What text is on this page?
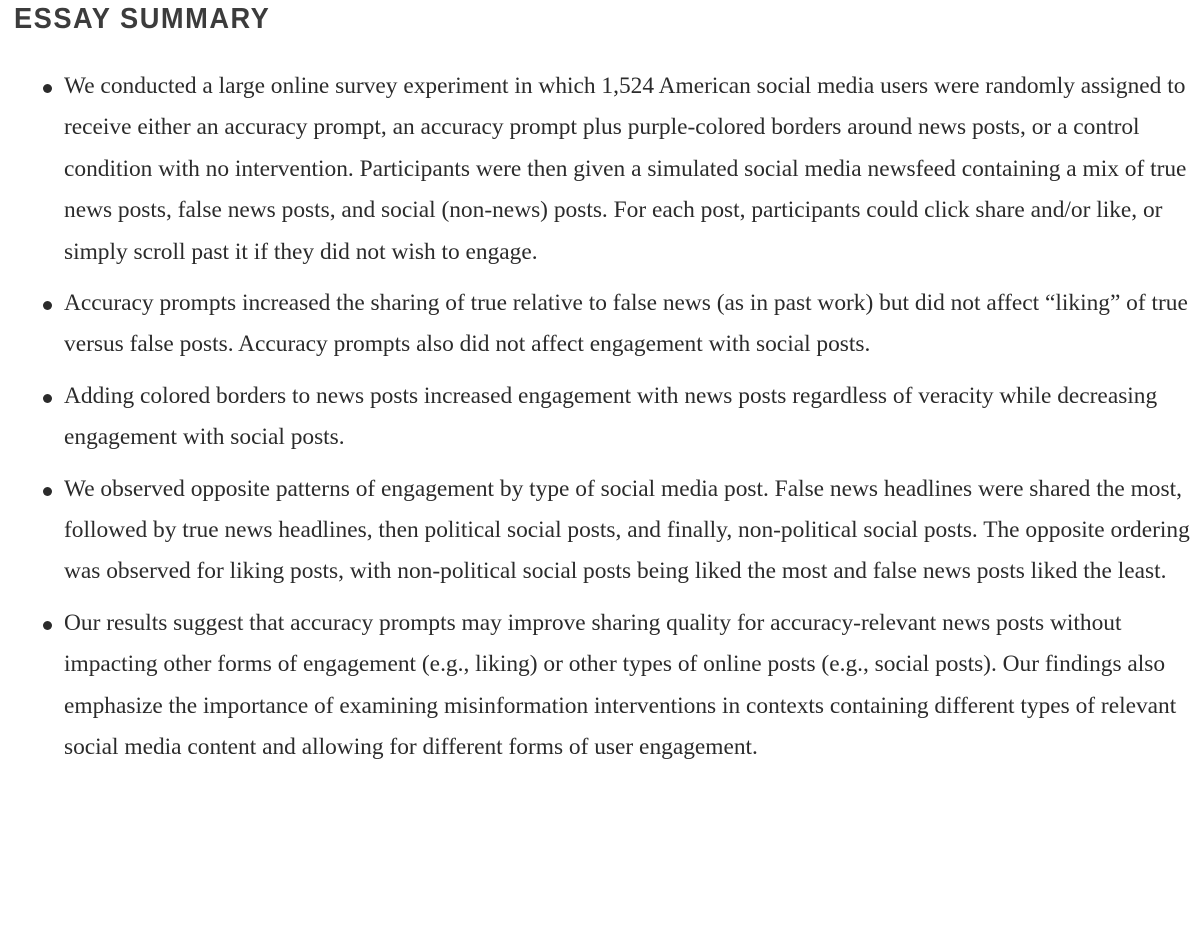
ESSAY SUMMARY
We conducted a large online survey experiment in which 1,524 American social media users were randomly assigned to receive either an accuracy prompt, an accuracy prompt plus purple-colored borders around news posts, or a control condition with no intervention. Participants were then given a simulated social media newsfeed containing a mix of true news posts, false news posts, and social (non-news) posts. For each post, participants could click share and/or like, or simply scroll past it if they did not wish to engage.
Accuracy prompts increased the sharing of true relative to false news (as in past work) but did not affect “liking” of true versus false posts. Accuracy prompts also did not affect engagement with social posts.
Adding colored borders to news posts increased engagement with news posts regardless of veracity while decreasing engagement with social posts.
We observed opposite patterns of engagement by type of social media post. False news headlines were shared the most, followed by true news headlines, then political social posts, and finally, non-political social posts. The opposite ordering was observed for liking posts, with non-political social posts being liked the most and false news posts liked the least.
Our results suggest that accuracy prompts may improve sharing quality for accuracy-relevant news posts without impacting other forms of engagement (e.g., liking) or other types of online posts (e.g., social posts). Our findings also emphasize the importance of examining misinformation interventions in contexts containing different types of relevant social media content and allowing for different forms of user engagement.
